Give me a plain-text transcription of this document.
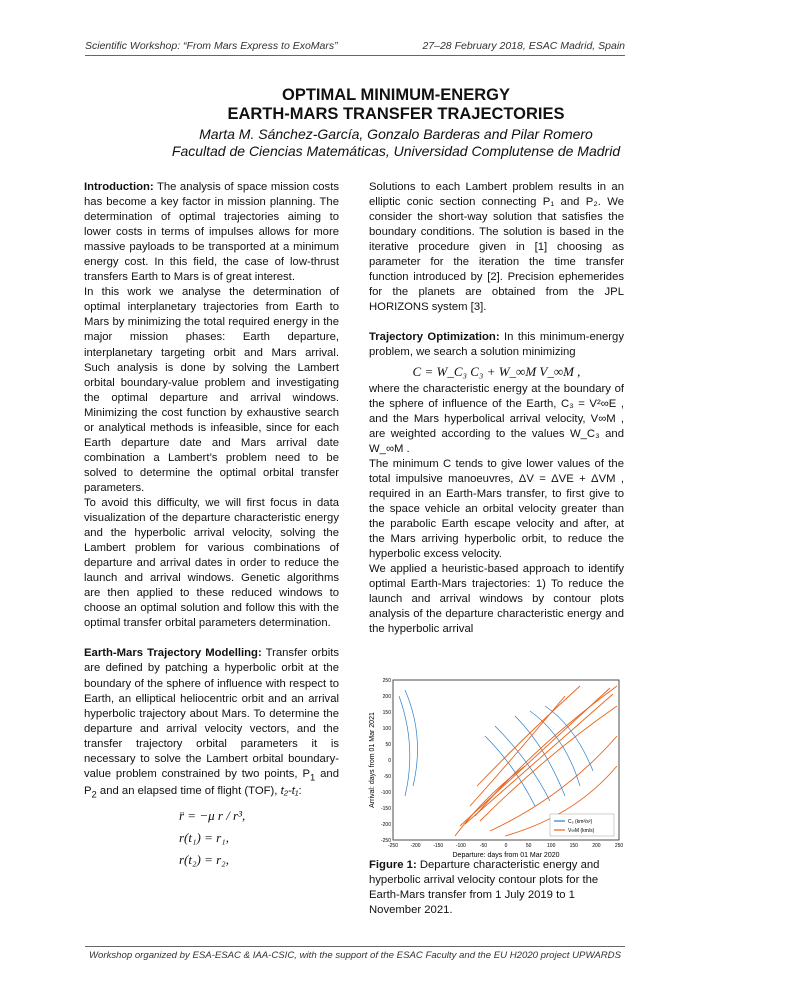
Scientific Workshop: “From Mars Express to ExoMars”	27–28 February 2018, ESAC Madrid, Spain
OPTIMAL MINIMUM-ENERGY
EARTH-MARS TRANSFER TRAJECTORIES
Marta M. Sánchez-García, Gonzalo Barderas and Pilar Romero
Facultad de Ciencias Matemáticas, Universidad Complutense de Madrid

Introduction: The analysis of space mission costs has become a key factor in mission planning. The determination of optimal trajectories aiming to lower costs in terms of impulses allows for more massive payloads to be transported at a minimum energy cost. In this field, the case of low-thrust transfers Earth to Mars is of great interest.

In this work we analyse the determination of optimal interplanetary trajectories from Earth to Mars by minimizing the total required energy in the major mission phases: Earth departure, interplanetary targeting orbit and Mars arrival. Such analysis is done by solving the Lambert orbital boundary-value problem and investigating the optimal departure and arrival windows. Minimizing the cost function by exhaustive search or analytical methods is infeasible, since for each Earth departure date and Mars arrival date combination a Lambert’s problem need to be solved to determine the optimal orbital transfer parameters.

To avoid this difficulty, we will first focus in data visualization of the departure characteristic energy and the hyperbolic arrival velocity, solving the Lambert problem for various combinations of departure and arrival dates in order to reduce the launch and arrival windows. Genetic algorithms are then applied to these reduced windows to choose an optimal solution and follow this with the optimal transfer orbital parameters determination.

Earth-Mars Trajectory Modelling: Transfer orbits are defined by patching a hyperbolic orbit at the boundary of the sphere of influence with respect to Earth, an elliptical heliocentric orbit and an arrival hyperbolic trajectory about Mars. To determine the departure and arrival velocity vectors, and the transfer trajectory orbital parameters it is necessary to solve the Lambert orbital boundary-value problem constrained by two points, $P_1$ and $P_2$ and an elapsed time of flight (TOF), t₂-t₁:

r̈ = −μ r / r³,
r(t₁) = r₁,
r(t₂) = r₂,

Solutions to each Lambert problem results in an elliptic conic section connecting P₁ and P₂. We consider the short-way solution that satisfies the boundary conditions. The solution is based in the iterative procedure given in [1] choosing as parameter for the iteration the time transfer function introduced by [2]. Precision ephemerides for the planets are obtained from the JPL HORIZONS system [3].

Trajectory Optimization: In this minimum-energy problem, we search a solution minimizing

C = W_C₃ C₃ + W_∞M V_∞M ,

where the characteristic energy at the boundary of the sphere of influence of the Earth, C₃ = V²∞E , and the Mars hyperbolical arrival velocity, V∞M , are weighted according to the values W_C₃ and W_∞M .

The minimum C tends to give lower values of the total impulsive manoeuvres, ΔV = ΔVE + ΔVM , required in an Earth-Mars transfer, to first give to the space vehicle an orbital velocity greater than the parabolic Earth escape velocity and after, at the Mars arriving hyperbolic orbit, to reduce the hyperbolic excess velocity.

We applied a heuristic-based approach to identify optimal Earth-Mars trajectories: 1) To reduce the launch and arrival windows by contour plots analysis of the departure characteristic energy and the hyperbolic arrival

-250	-200	-150	-100	-50	0	50	100	150	200	250
250
200
150
100
50
0
-50
-100
-150
-200
-250
C₃ (km²/s²)
V∞M (km/s)
Departure: days from 01 Mar 2020
Arrival: days from 01 Mar 2021
Figure 1: Departure characteristic energy and hyperbolic arrival velocity contour plots for the Earth-Mars transfer from 1 July 2019 to 1 November 2021.
Workshop organized by ESA-ESAC & IAA-CSIC, with the support of the ESAC Faculty and the EU H2020 project UPWARDS
